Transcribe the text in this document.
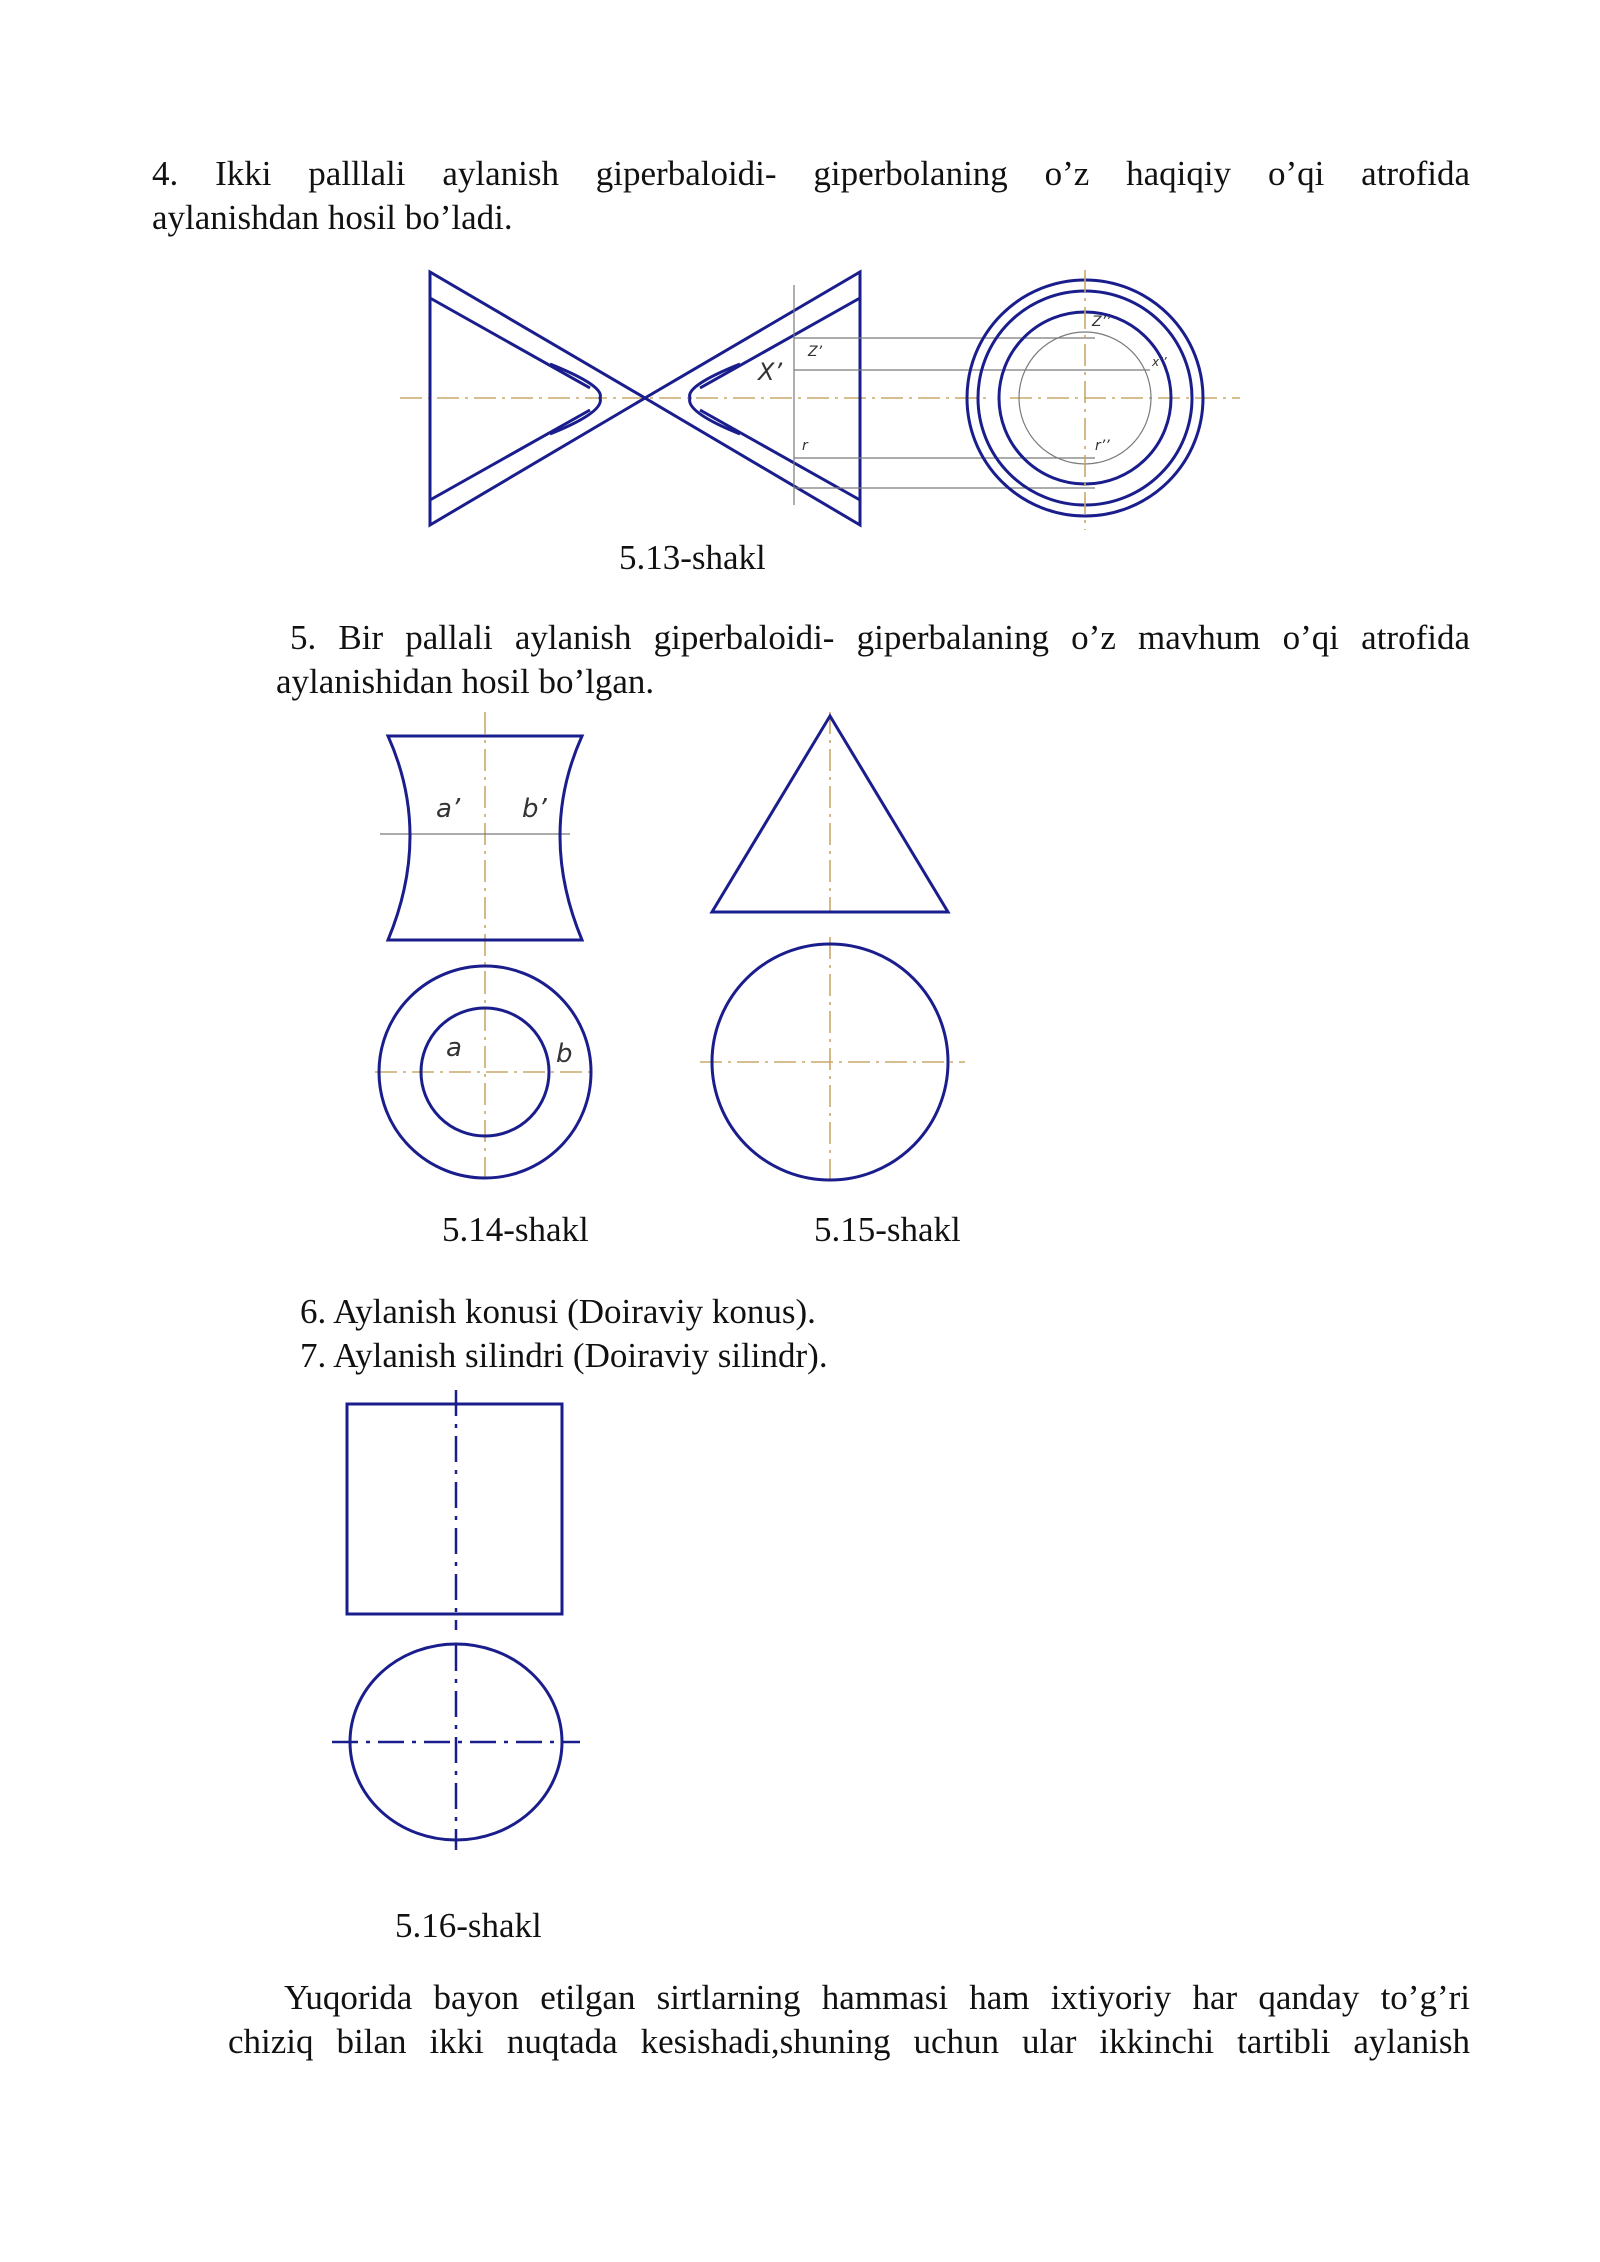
4. Ikki palllali aylanish giperbaloidi- giperbolaning o’z haqiqiy o’qi atrofida
aylanishdan hosil bo’ladi.
X’
Z’
r
Z’’
r’’
x’’
5.13-shakl
5. Bir pallali aylanish giperbaloidi- giperbalaning o’z mavhum o’qi atrofida
aylanishidan hosil bo’lgan.
a’ b’
a	b
5.14-shakl	5.15-shakl
6. Aylanish konusi (Doiraviy konus).
7. Aylanish silindri (Doiraviy silindr).
5.16-shakl
Yuqorida bayon etilgan sirtlarning hammasi ham ixtiyoriy har qanday to’g’ri
chiziq bilan ikki nuqtada kesishadi,shuning uchun ular ikkinchi tartibli aylanish
